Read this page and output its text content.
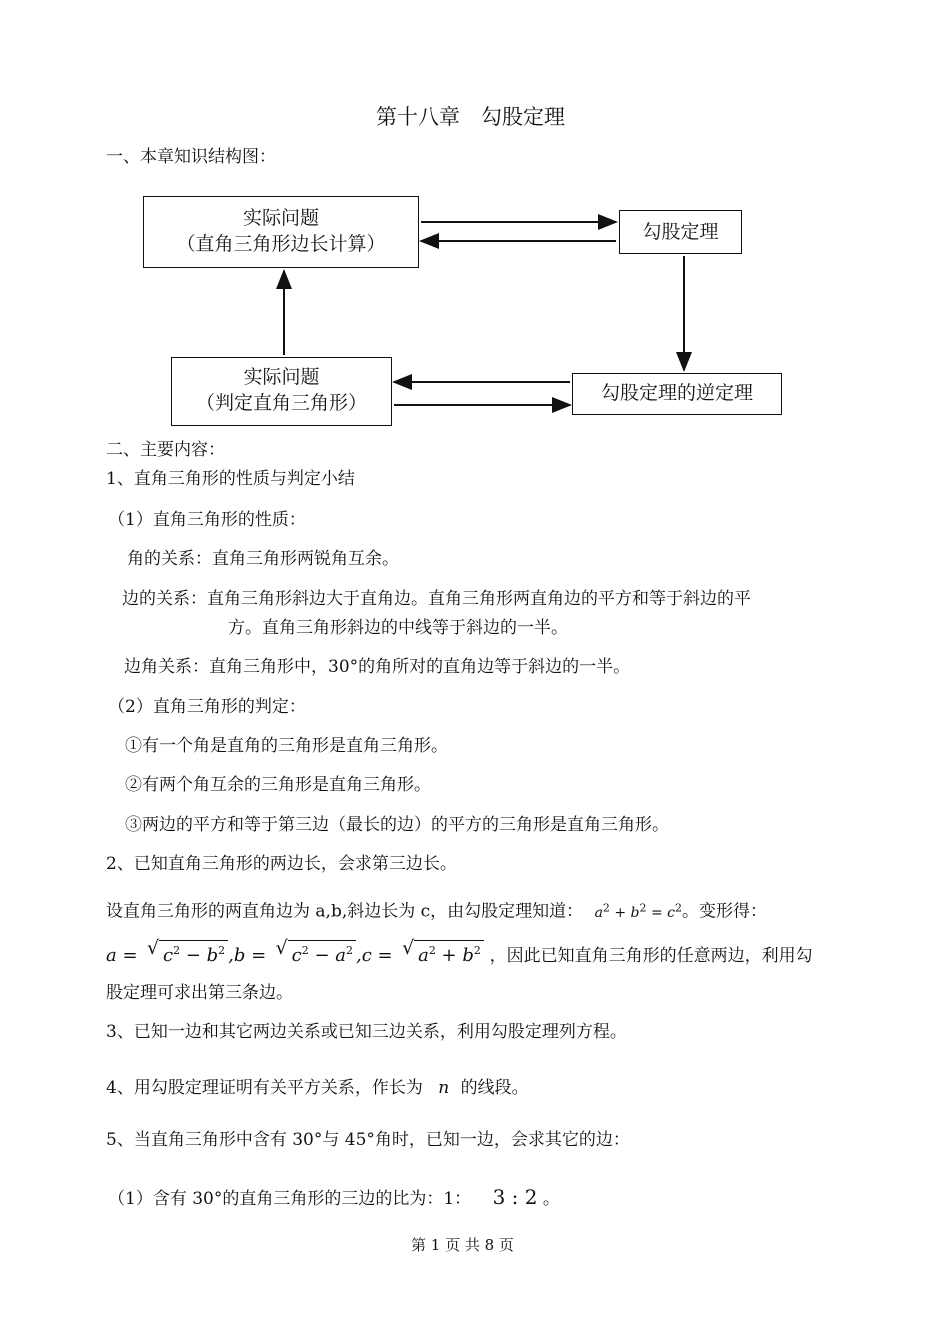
第十八章　勾股定理
一、本章知识结构图：
实际问题
（直角三角形边长计算）
勾股定理
实际问题
（判定直角三角形）	勾股定理的逆定理
二、主要内容：
1、直角三角形的性质与判定小结
（1）直角三角形的性质：
角的关系：直角三角形两锐角互余。
边的关系：直角三角形斜边大于直角边。直角三角形两直角边的平方和等于斜边的平
方。直角三角形斜边的中线等于斜边的一半。
边角关系：直角三角形中，30°的角所对的直角边等于斜边的一半。
（2）直角三角形的判定：
①有一个角是直角的三角形是直角三角形。
②有两个角互余的三角形是直角三角形。
③两边的平方和等于第三边（最长的边）的平方的三角形是直角三角形。
2、已知直角三角形的两边长，会求第三边长。
设直角三角形的两直角边为 a,b,斜边长为 c，由勾股定理知道： $a^2 + b^2 = c^2$。变形得：
a =  √ $c^2 - b^2$ ,b =  √ $c^2 - a^2$ ,c =  √ $a^2 + b^2$ ，因此已知直角三角形的任意两边，利用勾
股定理可求出第三条边。
3、已知一边和其它两边关系或已知三边关系，利用勾股定理列方程。
4、用勾股定理证明有关平方关系，作长为 n 的线段。
5、当直角三角形中含有 30°与 45°角时，已知一边，会求其它的边：
（1）含有 30°的直角三角形的三边的比为：1： 3 : 2 。
第 1 页 共 8 页
